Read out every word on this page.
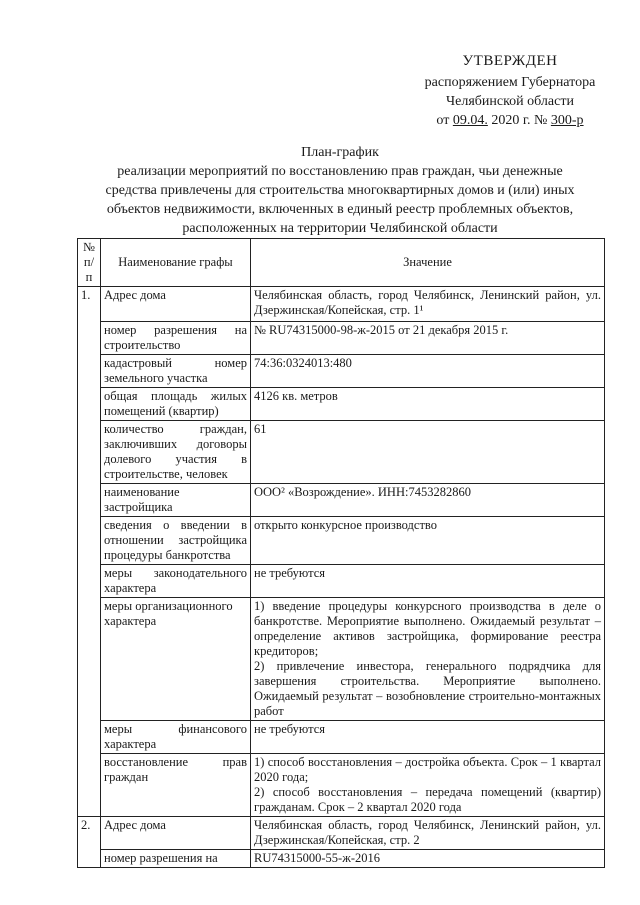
УТВЕРЖДЕН
распоряжением Губернатора
Челябинской области
от 09.04. 2020 г. № 300-р
План-график
реализации мероприятий по восстановлению прав граждан, чьи денежные
средства привлечены для строительства многоквартирных домов и (или) иных
объектов недвижимости, включенных в единый реестр проблемных объектов,
расположенных на территории Челябинской области
№ п/п	Наименование графы	Значение
1.	Адрес дома	Челябинская область, город Челябинск, Ленинский район, ул. Дзержинская/Копейская, стр. 1¹
	номер разрешения на строительство	№ RU74315000-98-ж-2015 от 21 декабря 2015 г.
	кадастровый номер земельного участка	74:36:0324013:480
	общая площадь жилых помещений (квартир)	4126 кв. метров
	количество граждан, заключивших договоры долевого участия в строительстве, человек	61
	наименование застройщика	ООО² «Возрождение». ИНН:7453282860
	сведения о введении в отношении застройщика процедуры банкротства	открыто конкурсное производство
	меры законодательного характера	не требуются
	меры организационного характера	1) введение процедуры конкурсного производства в деле о банкротстве. Мероприятие выполнено. Ожидаемый результат – определение активов застройщика, формирование реестра кредиторов;
2) привлечение инвестора, генерального подрядчика для завершения строительства. Мероприятие выполнено. Ожидаемый результат – возобновление строительно-монтажных работ

	меры финансового характера	не требуются
	восстановление прав граждан	1) способ восстановления – достройка объекта. Срок – 1 квартал 2020 года;
2) способ восстановления – передача помещений (квартир) гражданам. Срок – 2 квартал 2020 года

2.	Адрес дома	Челябинская область, город Челябинск, Ленинский район, ул. Дзержинская/Копейская, стр. 2
	номер разрешения на	RU74315000-55-ж-2016
